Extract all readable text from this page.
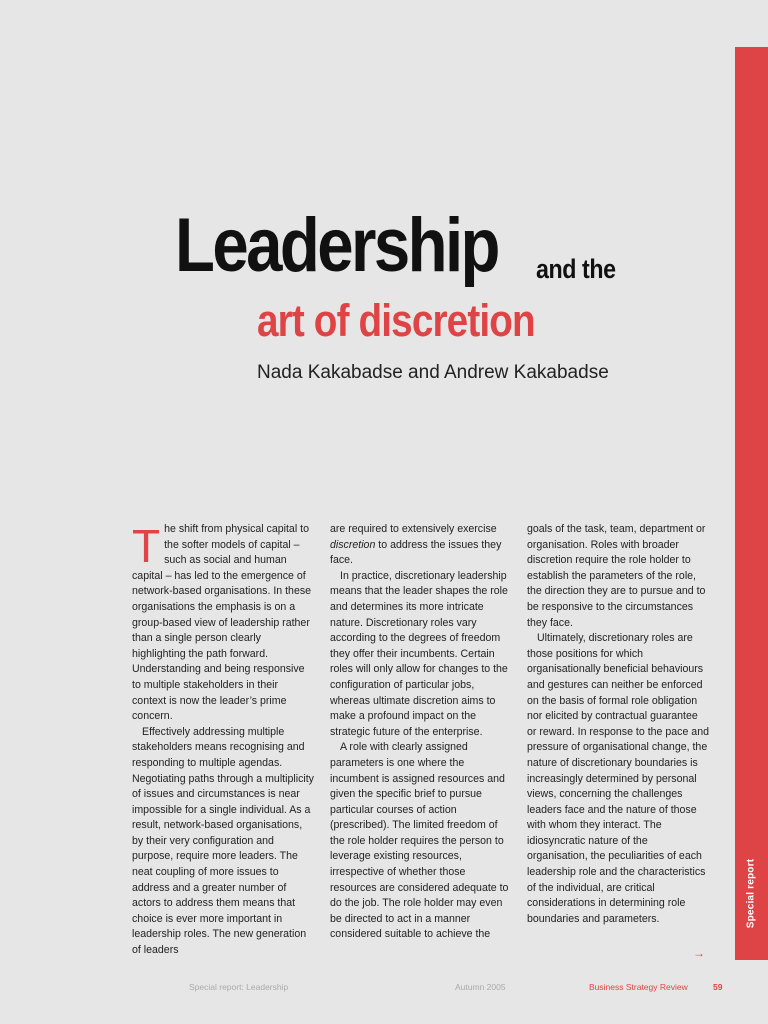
Special report
Leadership and the
art of discretion
Nada Kakabadse and Andrew Kakabadse

The shift from physical capital to the softer models of capital – such as social and human capital – has led to the emergence of network-based organisations. In these organisations the emphasis is on a group-based view of leadership rather than a single person clearly highlighting the path forward. Understanding and being responsive to multiple stakeholders in their context is now the leader’s prime concern.

Effectively addressing multiple stakeholders means recognising and responding to multiple agendas. Negotiating paths through a multiplicity of issues and circumstances is near impossible for a single individual. As a result, network-based organisations, by their very configuration and purpose, require more leaders. The neat coupling of more issues to address and a greater number of actors to address them means that choice is ever more important in leadership roles. The new generation of leaders

are required to extensively exercise discretion to address the issues they face.

In practice, discretionary leadership means that the leader shapes the role and determines its more intricate nature. Discretionary roles vary according to the degrees of freedom they offer their incumbents. Certain roles will only allow for changes to the configuration of particular jobs, whereas ultimate discretion aims to make a profound impact on the strategic future of the enterprise.

A role with clearly assigned parameters is one where the incumbent is assigned resources and given the specific brief to pursue particular courses of action (prescribed). The limited freedom of the role holder requires the person to leverage existing resources, irrespective of whether those resources are considered adequate to do the job. The role holder may even be directed to act in a manner considered suitable to achieve the

goals of the task, team, department or organisation. Roles with broader discretion require the role holder to establish the parameters of the role, the direction they are to pursue and to be responsive to the circumstances they face.

Ultimately, discretionary roles are those positions for which organisationally beneficial behaviours and gestures can neither be enforced on the basis of formal role obligation nor elicited by contractual guarantee or reward. In response to the pace and pressure of organisational change, the nature of discretionary boundaries is increasingly determined by personal views, concerning the challenges leaders face and the nature of those with whom they interact. The idiosyncratic nature of the organisation, the peculiarities of each leadership role and the characteristics of the individual, are critical considerations in determining role boundaries and parameters.

→
Special report: Leadership	Autumn 2005	Business Strategy Review	59
